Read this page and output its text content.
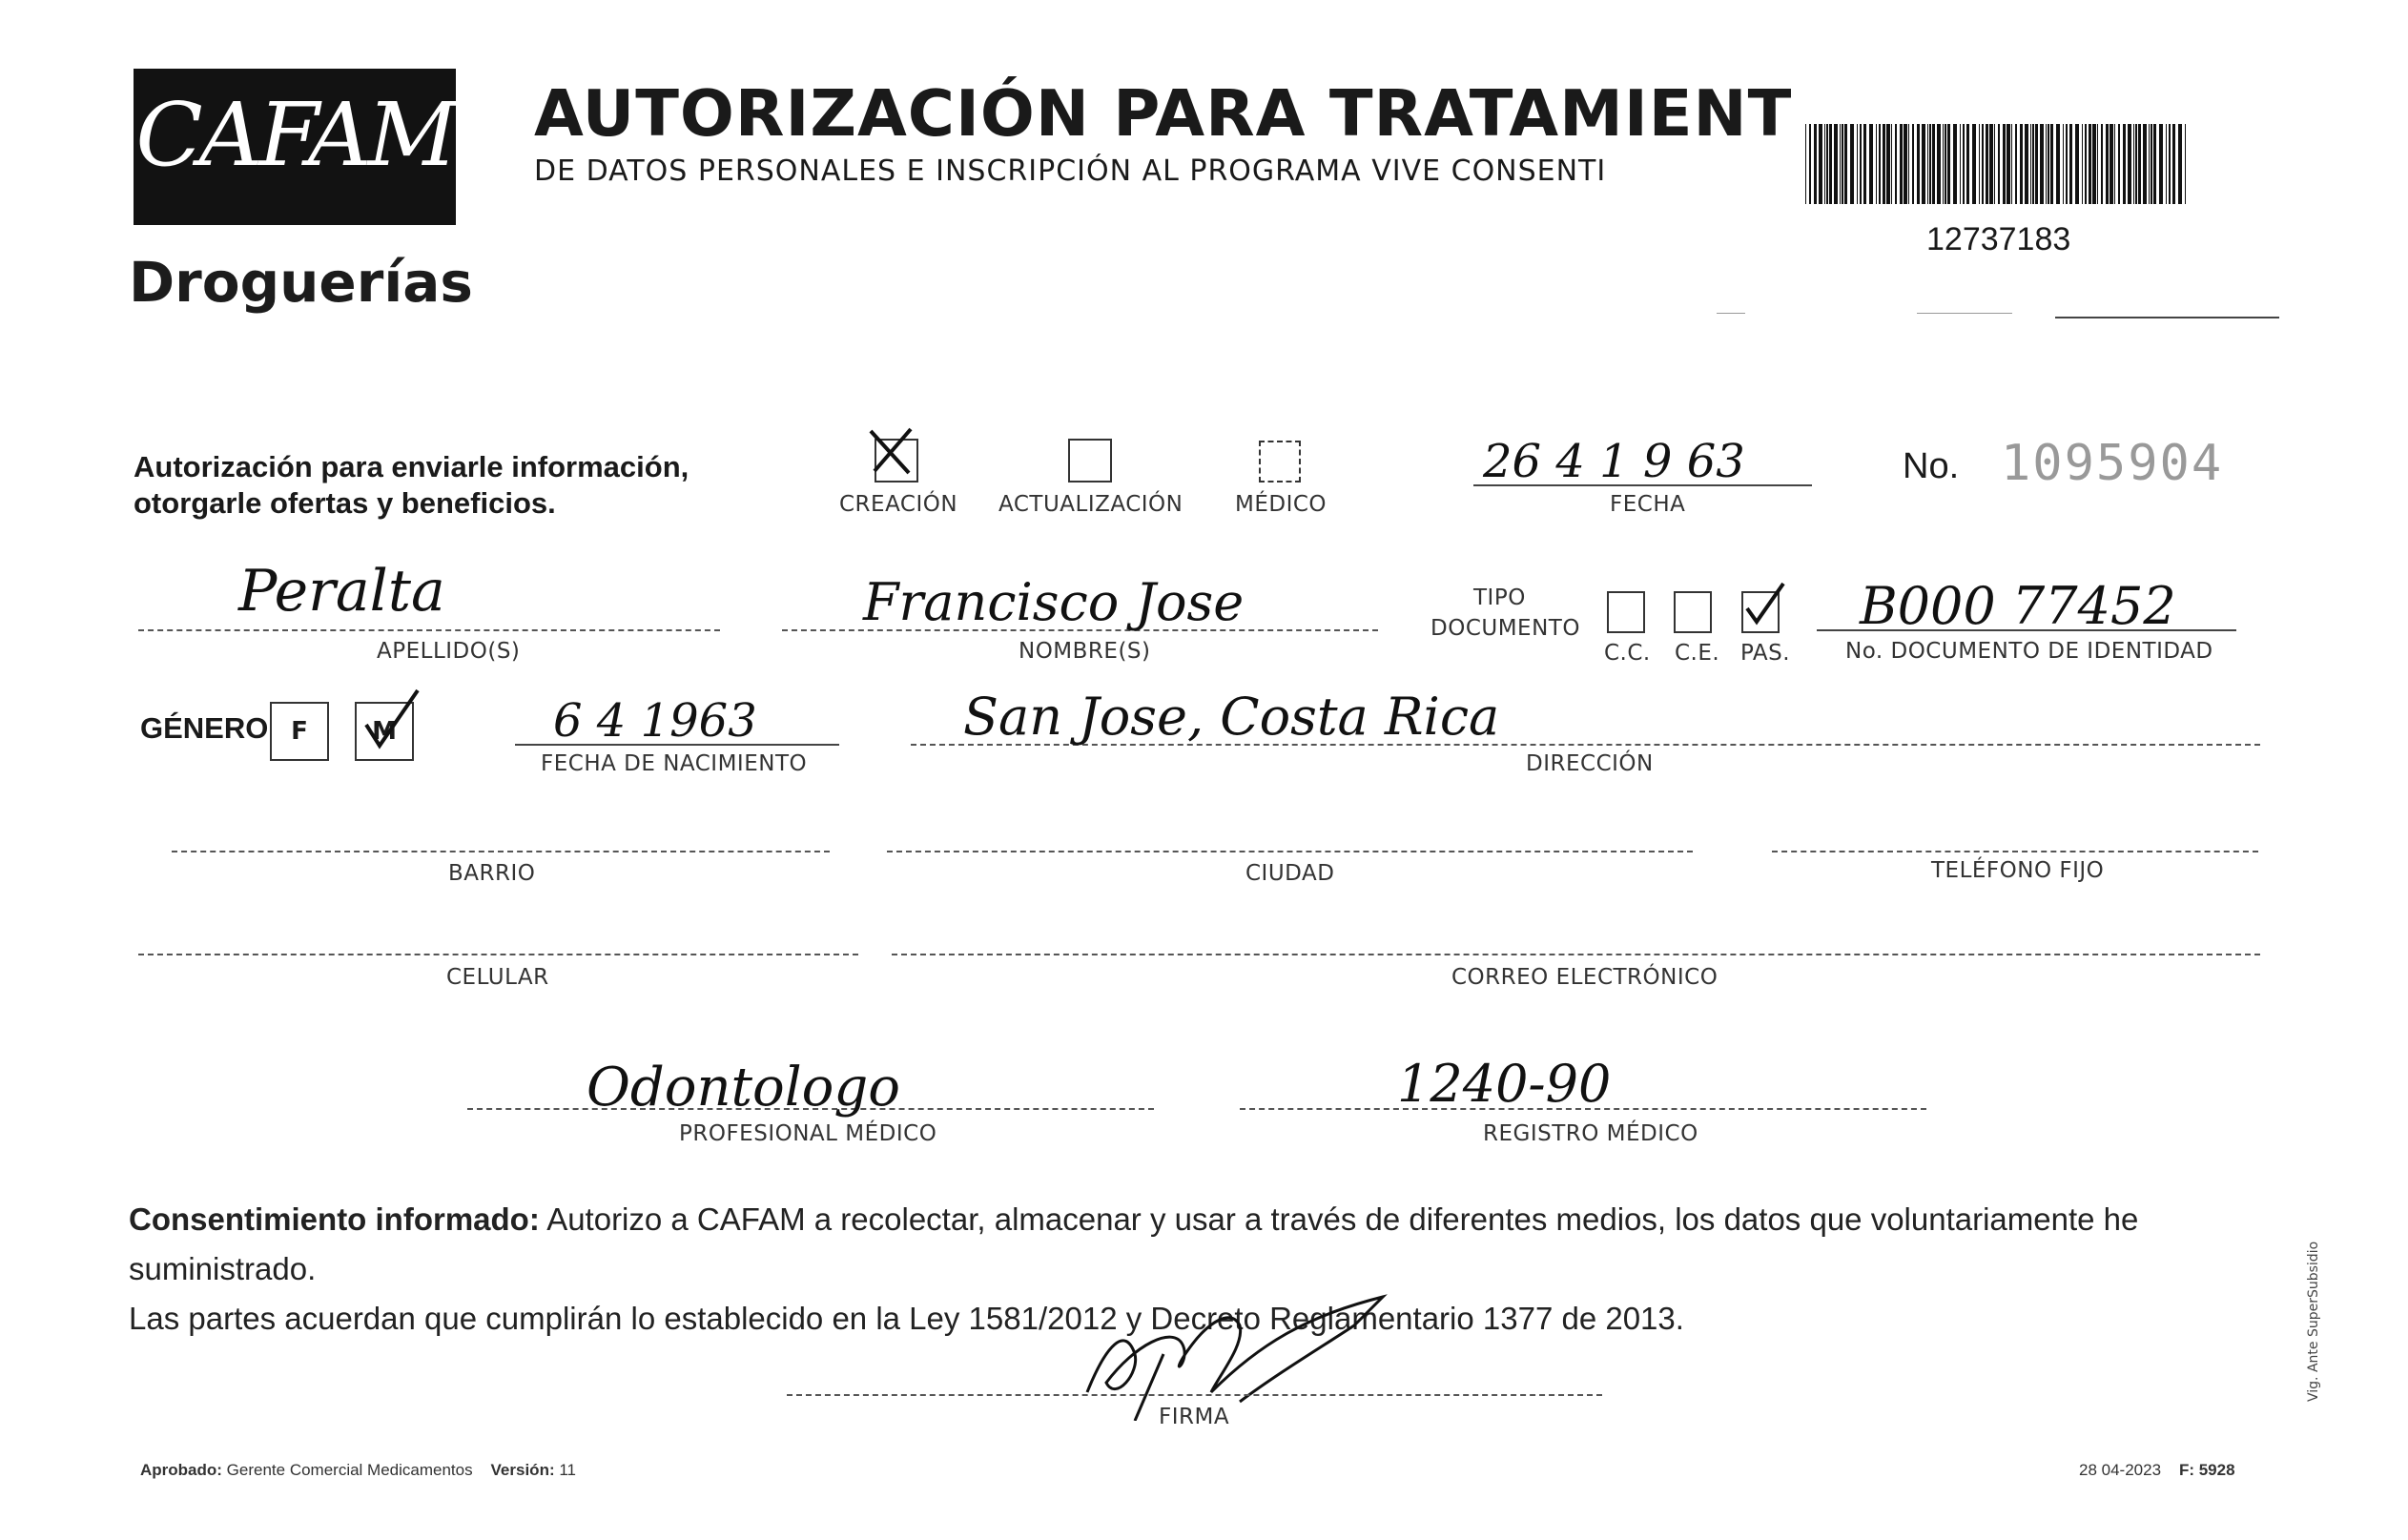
CAFAM
Droguerías
AUTORIZACIÓN PARA TRATAMIENT
DE DATOS PERSONALES E INSCRIPCIÓN AL PROGRAMA VIVE CONSENTI
12737183
Autorización para enviarle información,
otorgarle ofertas y beneficios.	CREACIÓN ACTUALIZACIÓN MÉDICO
26 4 1 9 63
FECHA
No. 1095904
Peralta
APELLIDO(S)
Francisco Jose
NOMBRE(S)
TIPO
DOCUMENTO
C.C. C.E. PAS.
B000 77452
No. DOCUMENTO DE IDENTIDAD
GÉNERO F	M	6 4 1963
FECHA DE NACIMIENTO
San Jose, Costa Rica
DIRECCIÓN
BARRIO	CIUDAD	TELÉFONO FIJO
CELULAR	CORREO ELECTRÓNICO
Odontologo
PROFESIONAL MÉDICO
1240-90
REGISTRO MÉDICO
Consentimiento informado: Autorizo a CAFAM a recolectar, almacenar y usar a través de diferentes medios, los datos que voluntariamente he suministrado.
Las partes acuerdan que cumplirán lo establecido en la Ley 1581/2012 y Decreto Reglamentario 1377 de 2013.
FIRMA
Aprobado: Gerente Comercial Medicamentos Versión: 11	28 04-2023 F: 5928
Vig. Ante SuperSubsidio
